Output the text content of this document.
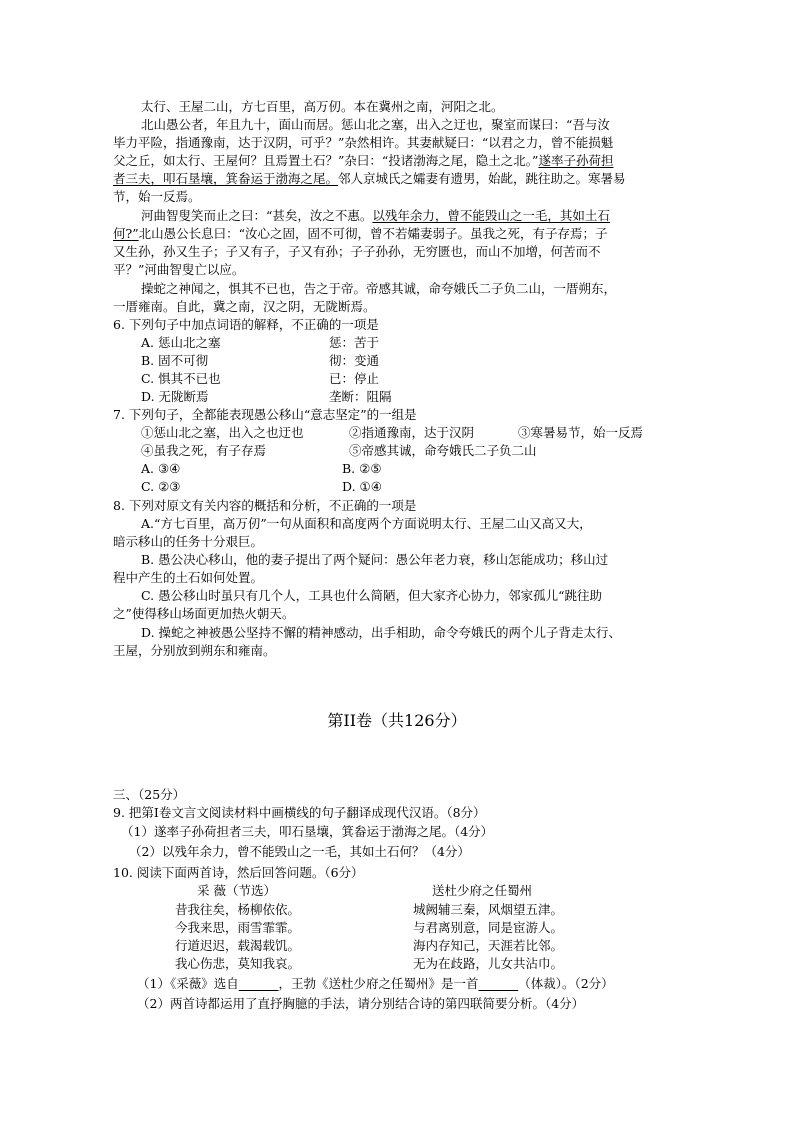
太行、王屋二山，方七百里，高万仞。本在冀州之南，河阳之北。
北山愚公者，年且九十，面山而居。惩山北之塞，出入之迂也，聚室而谋曰：“吾与汝
毕力平险，指通豫南，达于汉阴，可乎？”杂然相许。其妻献疑曰：“以君之力，曾不能损魁
父之丘，如太行、王屋何？且焉置土石？”杂曰：“投诸渤海之尾，隐土之北。”遂率子孙荷担
者三夫，叩石垦壤，箕畚运于渤海之尾。邻人京城氏之孀妻有遗男，始龀，跳往助之。寒暑易
节，始一反焉。
河曲智叟笑而止之曰：“甚矣，汝之不惠。以残年余力，曾不能毁山之一毛，其如土石
何?”北山愚公长息曰：“汝心之固，固不可彻，曾不若孀妻弱子。虽我之死，有子存焉；子
又生孙，孙又生子；子又有子，子又有孙；子子孙孙，无穷匮也，而山不加增，何苦而不
平？”河曲智叟亡以应。
操蛇之神闻之，惧其不已也，告之于帝。帝感其诚，命夸娥氏二子负二山，一厝朔东，
一厝雍南。自此，冀之南，汉之阴，无陇断焉。
6. 下列句子中加点词语的解释，不正确的一项是
A. 惩山北之塞	惩：苦于
B. 固不可彻	彻：变通
C. 惧其不已也	已：停止
D. 无陇断焉	垄断：阻隔
7. 下列句子，全都能表现愚公移山“意志坚定”的一组是
①惩山北之塞，出入之也迂也	②指通豫南，达于汉阴	③寒暑易节，始一反焉
④虽我之死，有子存焉	⑤帝感其诚，命夸娥氏二子负二山
A. ③④	B. ②⑤
C. ②③	D. ①④
8. 下列对原文有关内容的概括和分析，不正确的一项是
A.“方七百里，高万仞”一句从面积和高度两个方面说明太行、王屋二山又高又大，
暗示移山的任务十分艰巨。
B. 愚公决心移山，他的妻子提出了两个疑问：愚公年老力衰，移山怎能成功；移山过
程中产生的土石如何处置。
C. 愚公移山时虽只有几个人，工具也什么简陋，但大家齐心协力，邻家孤儿“跳往助
之”使得移山场面更加热火朝天。
D. 操蛇之神被愚公坚持不懈的精神感动，出手相助，命令夸娥氏的两个儿子背走太行、
王屋，分别放到朔东和雍南。
第II卷（共126分）
三、（25分）
9. 把第I卷文言文阅读材料中画横线的句子翻译成现代汉语。（8分）
（1）遂率子孙荷担者三夫，叩石垦壤，箕畚运于渤海之尾。（4分）
（2）以残年余力，曾不能毁山之一毛，其如土石何？（4分）
10. 阅读下面两首诗，然后回答问题。（6分）
采 薇（节选）	送杜少府之任蜀州
昔我往矣，杨柳依依。	城阙辅三秦，风烟望五津。
今我来思，雨雪霏霏。	与君离别意，同是宦游人。
行道迟迟，载渴载饥。	海内存知己，天涯若比邻。
我心伤悲，莫知我哀。	无为在歧路，儿女共沾巾。
（1）《采薇》选自	，王勃《送杜少府之任蜀州》是一首	（体裁）。（2分）
（2）两首诗都运用了直抒胸臆的手法，请分别结合诗的第四联简要分析。（4分）
